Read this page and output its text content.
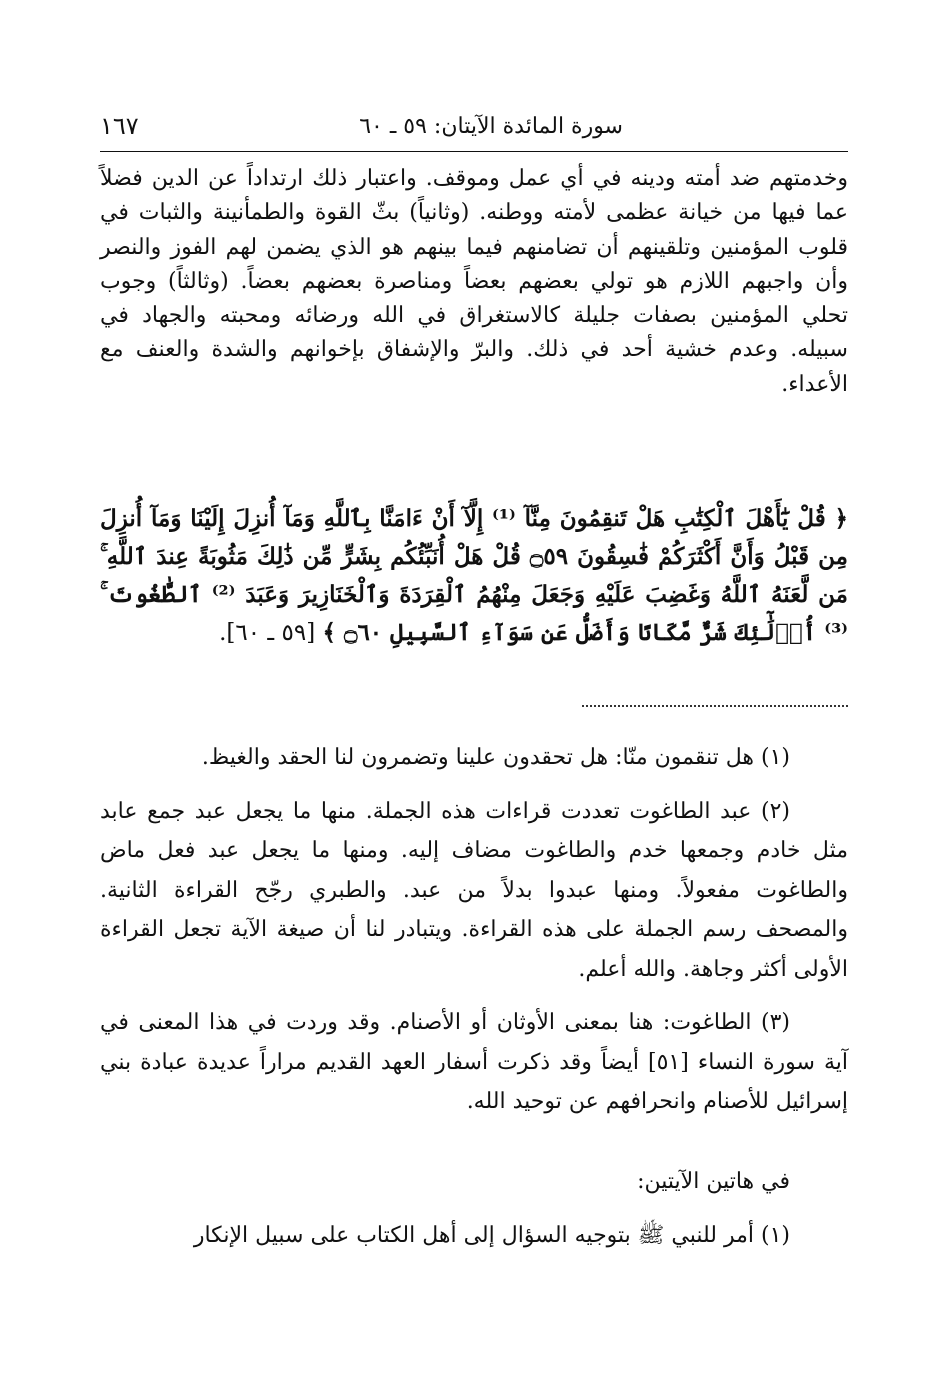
سورة المائدة الآيتان: ٥٩ ـ ٦٠
١٦٧
وخدمتهم ضد أمته ودينه في أي عمل وموقف. واعتبار ذلك ارتداداً عن الدين فضلاً عما فيها من خيانة عظمى لأمته ووطنه. (وثانياً) بثّ القوة والطمأنينة والثبات في قلوب المؤمنين وتلقينهم أن تضامنهم فيما بينهم هو الذي يضمن لهم الفوز والنصر وأن واجبهم اللازم هو تولي بعضهم بعضاً ومناصرة بعضهم بعضاً. (وثالثاً) وجوب تحلي المؤمنين بصفات جليلة كالاستغراق في الله ورضائه ومحبته والجهاد في سبيله. وعدم خشية أحد في ذلك. والبرّ والإشفاق بإخوانهم والشدة والعنف مع الأعداء.
﴿ قُلْ يَٰٓأَهْلَ ٱلْكِتَٰبِ هَلْ تَنقِمُونَ مِنَّآ ⁽¹⁾ إِلَّآ أَنْ ءَامَنَّا بِٱللَّهِ وَمَآ أُنزِلَ إِلَيْنَا وَمَآ أُنزِلَ مِن قَبْلُ وَأَنَّ أَكْثَرَكُمْ فَٰسِقُونَ ۝٥٩ قُلْ هَلْ أُنَبِّئُكُم بِشَرٍّ مِّن ذَٰلِكَ مَثُوبَةً عِندَ ٱللَّهِ ۚ مَن لَّعَنَهُ ٱللَّهُ وَغَضِبَ عَلَيْهِ وَجَعَلَ مِنْهُمُ ٱلْقِرَدَةَ وَٱلْخَنَازِيرَ وَعَبَدَ ⁽²⁾ ٱلطَّٰغُوتَ ۚ ⁽³⁾ أُو۟لَٰٓئِكَ شَرٌّ مَّكَانًا وَأَضَلُّ عَن سَوَآءِ ٱلسَّبِيلِ ۝٦٠ ﴾ [٥٩ ـ ٦٠].

(١) هل تنقمون منّا: هل تحقدون علينا وتضمرون لنا الحقد والغيظ.

(٢) عبد الطاغوت تعددت قراءات هذه الجملة. منها ما يجعل عبد جمع عابد مثل خادم وجمعها خدم والطاغوت مضاف إليه. ومنها ما يجعل عبد فعل ماض والطاغوت مفعولاً. ومنها عبدوا بدلاً من عبد. والطبري رجّح القراءة الثانية. والمصحف رسم الجملة على هذه القراءة. ويتبادر لنا أن صيغة الآية تجعل القراءة الأولى أكثر وجاهة. والله أعلم.

(٣) الطاغوت: هنا بمعنى الأوثان أو الأصنام. وقد وردت في هذا المعنى في آية سورة النساء [٥١] أيضاً وقد ذكرت أسفار العهد القديم مراراً عديدة عبادة بني إسرائيل للأصنام وانحرافهم عن توحيد الله.

في هاتين الآيتين:

(١) أمر للنبي ﷺ بتوجيه السؤال إلى أهل الكتاب على سبيل الإنكار
